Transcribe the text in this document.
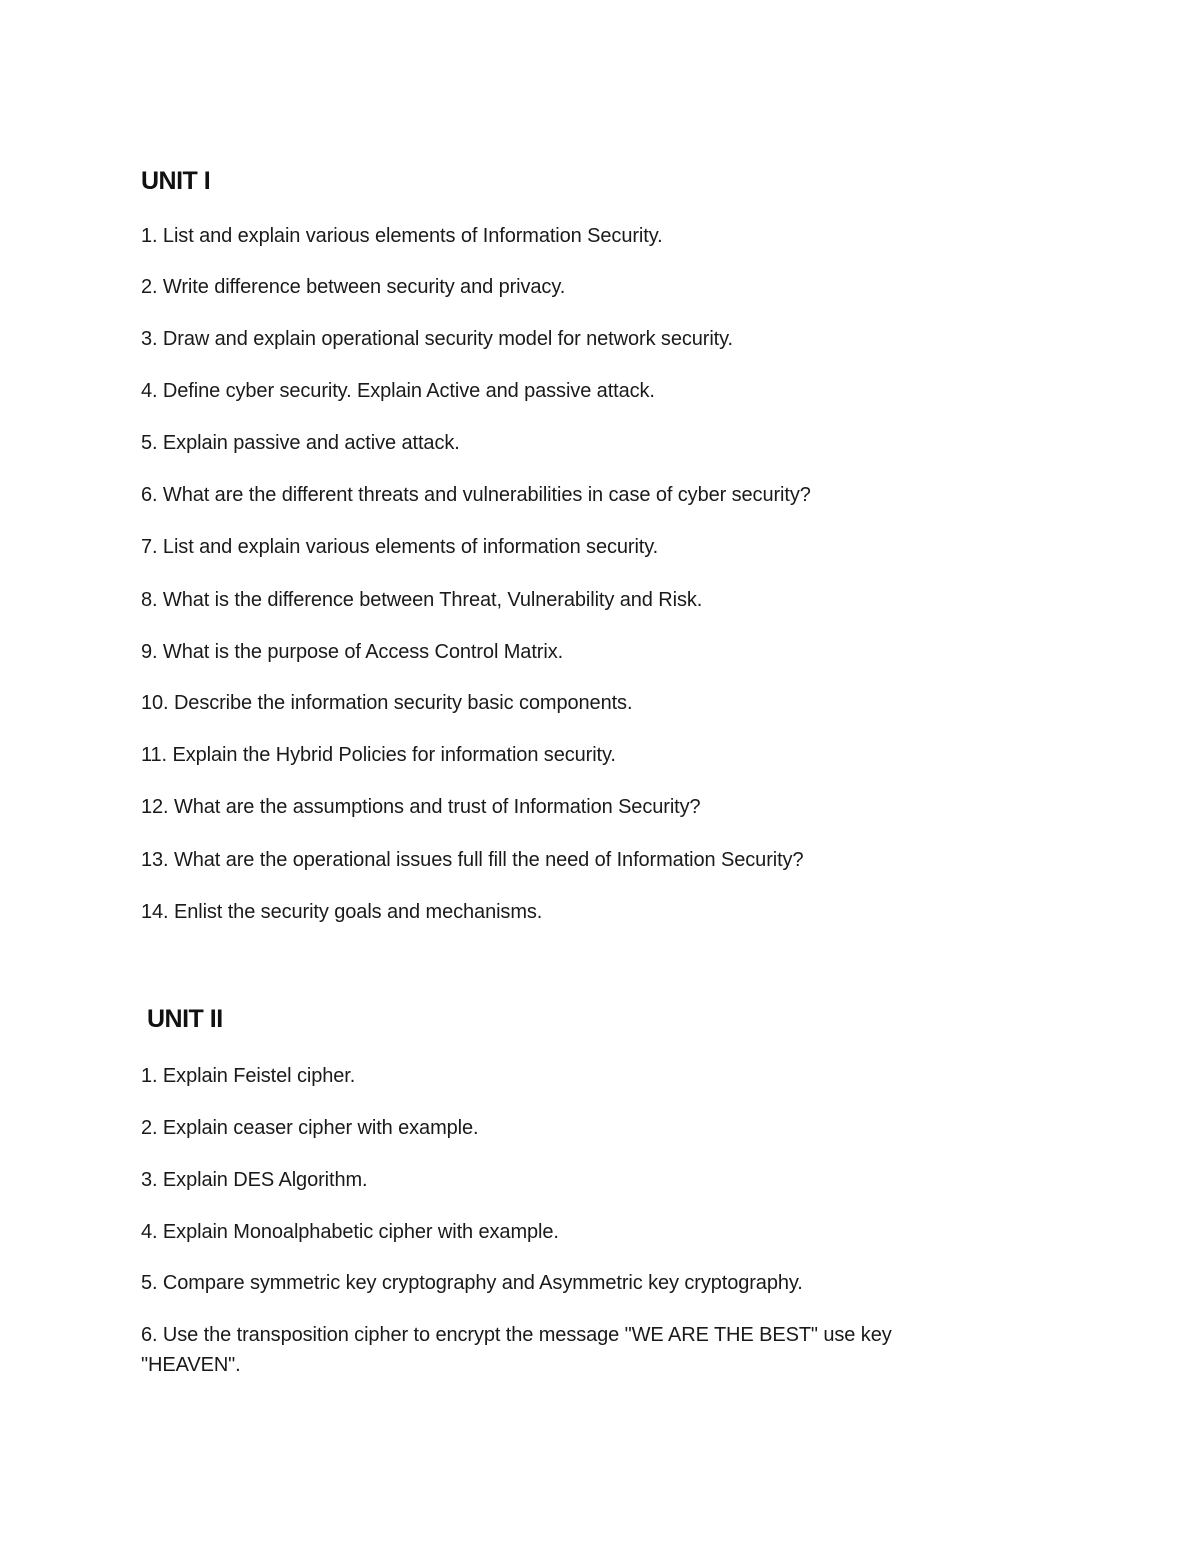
UNIT I

1. List and explain various elements of Information Security.

2. Write difference between security and privacy.

3. Draw and explain operational security model for network security.

4. Define cyber security. Explain Active and passive attack.

5. Explain passive and active attack.

6. What are the different threats and vulnerabilities in case of cyber security?

7. List and explain various elements of information security.

8. What is the difference between Threat, Vulnerability and Risk.

9. What is the purpose of Access Control Matrix.

10. Describe the information security basic components.

11. Explain the Hybrid Policies for information security.

12. What are the assumptions and trust of Information Security?

13. What are the operational issues full fill the need of Information Security?

14. Enlist the security goals and mechanisms.

UNIT II

1. Explain Feistel cipher.

2. Explain ceaser cipher with example.

3. Explain DES Algorithm.

4. Explain Monoalphabetic cipher with example.

5. Compare symmetric key cryptography and Asymmetric key cryptography.

6. Use the transposition cipher to encrypt the message "WE ARE THE BEST" use key "HEAVEN".
